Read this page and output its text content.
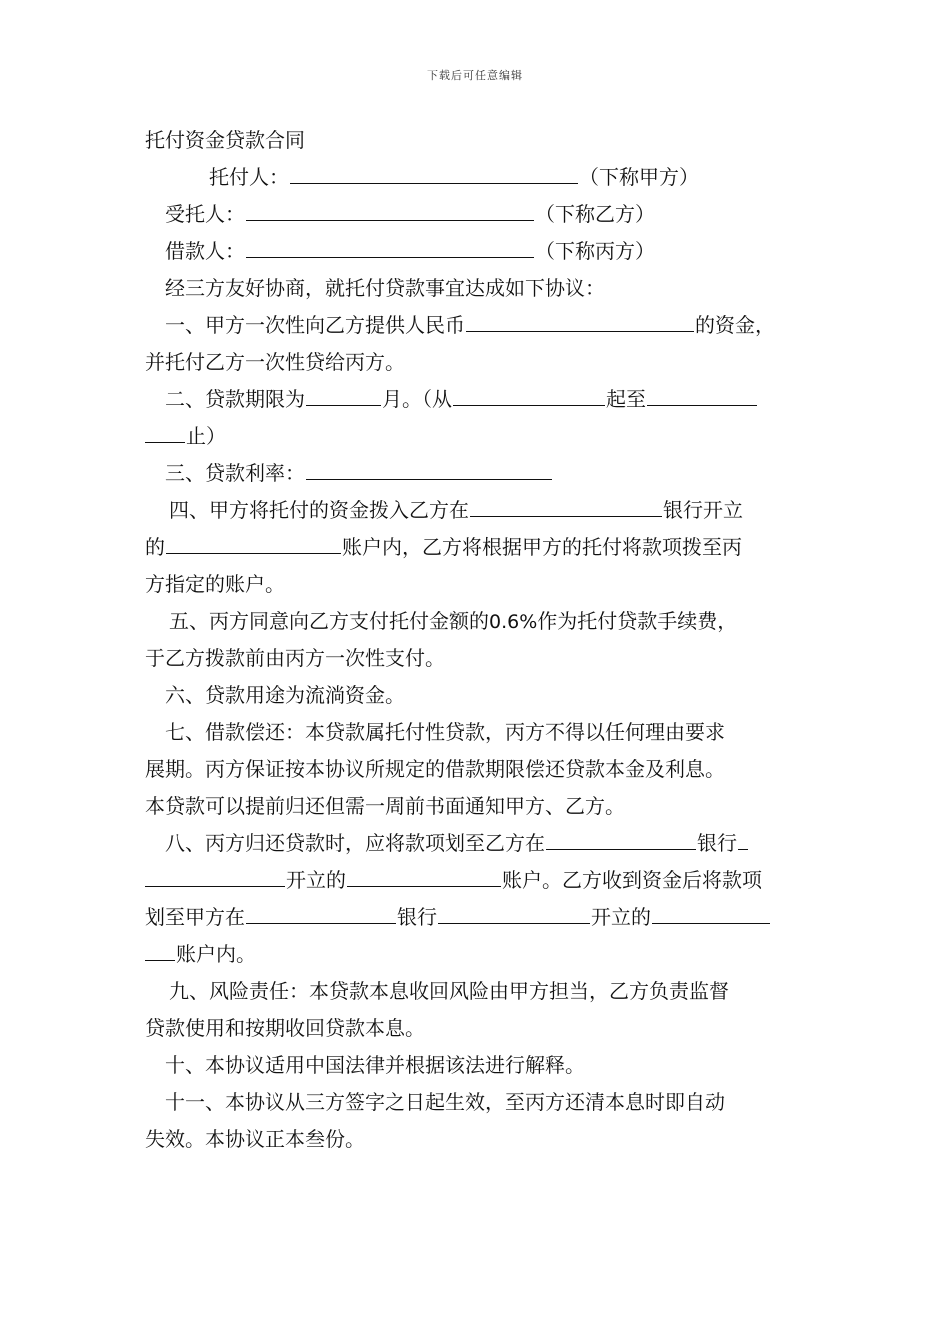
下载后可任意编辑
托付资金贷款合同
托付人：	（下称甲方）
受托人：	（下称乙方）
借款人：	（下称丙方）
经三方友好协商，就托付贷款事宜达成如下协议：
一、甲方一次性向乙方提供人民币	的资金，
并托付乙方一次性贷给丙方。
二、贷款期限为	月。（从	起至
止）
三、贷款利率：
四、甲方将托付的资金拨入乙方在	银行开立
的	账户内，乙方将根据甲方的托付将款项拨至丙
方指定的账户。
五、丙方同意向乙方支付托付金额的0.6%作为托付贷款手续费，
于乙方拨款前由丙方一次性支付。
六、贷款用途为流淌资金。
七、借款偿还：本贷款属托付性贷款，丙方不得以任何理由要求
展期。丙方保证按本协议所规定的借款期限偿还贷款本金及利息。
本贷款可以提前归还但需一周前书面通知甲方、乙方。
八、丙方归还贷款时，应将款项划至乙方在	银行
开立的	账户。乙方收到资金后将款项
划至甲方在	银行	开立的
账户内。
九、风险责任：本贷款本息收回风险由甲方担当，乙方负责监督
贷款使用和按期收回贷款本息。
十、本协议适用中国法律并根据该法进行解释。
十一、本协议从三方签字之日起生效，至丙方还清本息时即自动
失效。本协议正本叁份。
